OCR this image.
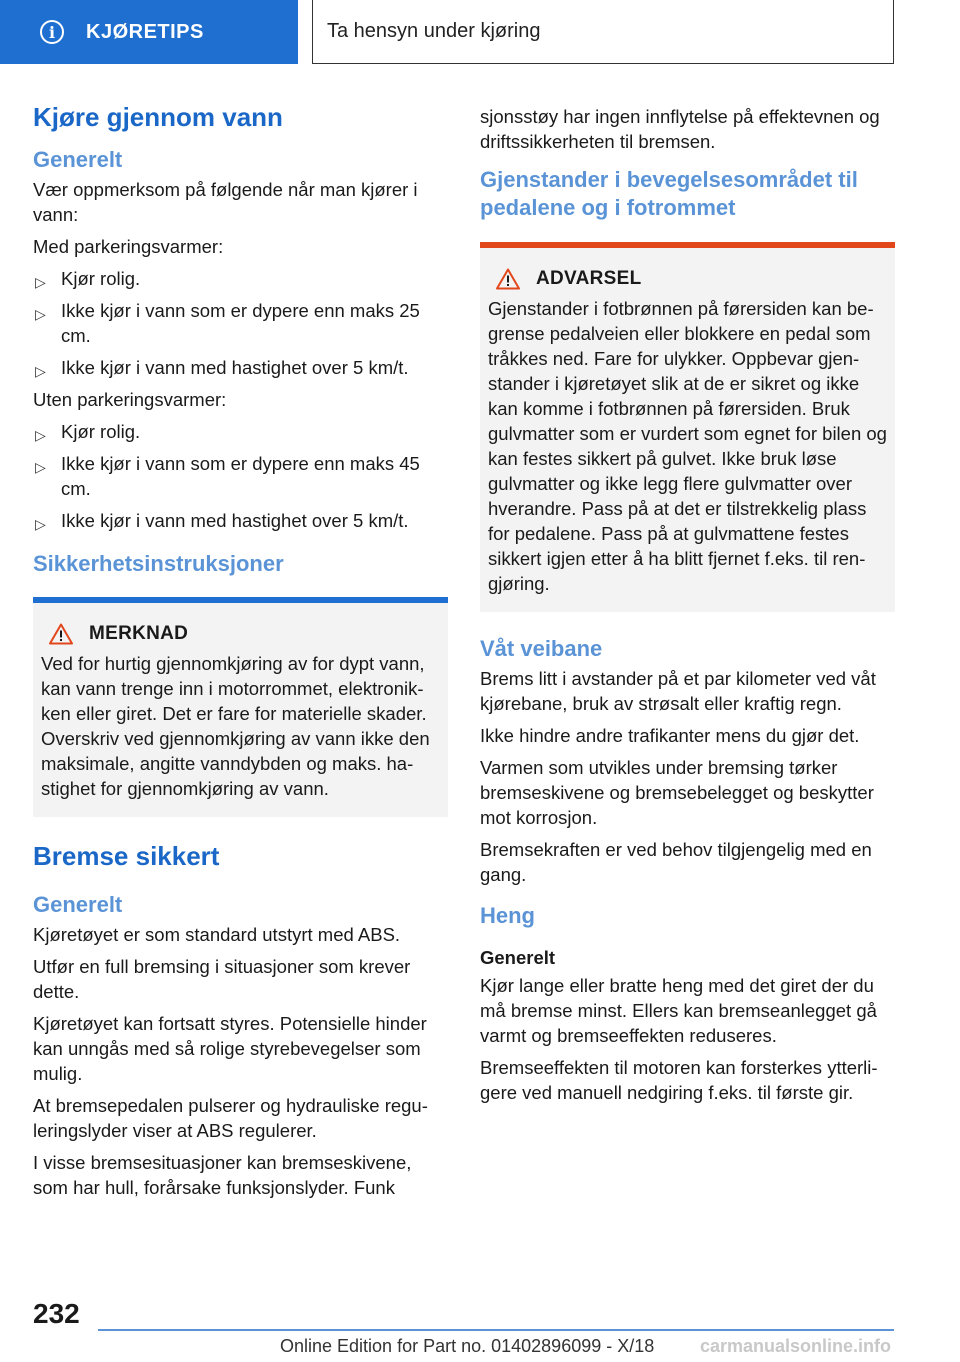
i	KJØRETIPS	Ta hensyn under kjøring
Kjøre gjennom vann
Generelt

Vær oppmerksom på følgende når man kjører i vann:

Med parkeringsvarmer:

▷ Kjør rolig.
▷ Ikke kjør i vann som er dypere enn maks 25 cm.
▷ Ikke kjør i vann med hastighet over 5 km/t.

Uten parkeringsvarmer:

▷ Kjør rolig.
▷ Ikke kjør i vann som er dypere enn maks 45 cm.
▷ Ikke kjør i vann med hastighet over 5 km/t.
Sikkerhetsinstruksjoner
MERKNAD

Ved for hurtig gjennomkjøring av for dypt vann, kan vann trenge inn i motorrommet, elektronikken eller giret. Det er fare for materielle skader. Overskriv ved gjennomkjøring av vann ikke den maksimale, angitte vanndybden og maks. hastighet for gjennomkjøring av vann.

Bremse sikkert
Generelt

Kjøretøyet er som standard utstyrt med ABS.

Utfør en full bremsing i situasjoner som krever dette.

Kjøretøyet kan fortsatt styres. Potensielle hinder kan unngås med så rolige styrebevegelser som mulig.

At bremsepedalen pulserer og hydrauliske reguleringslyder viser at ABS regulerer.

I visse bremsesituasjoner kan bremseskivene, som har hull, forårsake funksjonslyder. Funk

sjonsstøy har ingen innflytelse på effektevnen og driftssikkerheten til bremsen.

Gjenstander i bevegelsesområdet til pedalene og i fotrommet
ADVARSEL

Gjenstander i fotbrønnen på førersiden kan begrense pedalveien eller blokkere en pedal som tråkkes ned. Fare for ulykker. Oppbevar gjenstander i kjøretøyet slik at de er sikret og ikke kan komme i fotbrønnen på førersiden. Bruk gulvmatter som er vurdert som egnet for bilen og kan festes sikkert på gulvet. Ikke bruk løse gulvmatter og ikke legg flere gulvmatter over hverandre. Pass på at det er tilstrekkelig plass for pedalene. Pass på at gulvmattene festes sikkert igjen etter å ha blitt fjernet f.eks. til rengjøring.

Våt veibane

Brems litt i avstander på et par kilometer ved våt kjørebane, bruk av strøsalt eller kraftig regn.

Ikke hindre andre trafikanter mens du gjør det.

Varmen som utvikles under bremsing tørker bremseskivene og bremsebelegget og beskytter mot korrosjon.

Bremsekraften er ved behov tilgjengelig med en gang.

Heng
Generelt

Kjør lange eller bratte heng med det giret der du må bremse minst. Ellers kan bremseanlegget gå varmt og bremseeffekten reduseres.

Bremseeffekten til motoren kan forsterkes ytterligere ved manuell nedgiring f.eks. til første gir.

232
Online Edition for Part no. 01402896099 - X/18	carmanualsonline.info
